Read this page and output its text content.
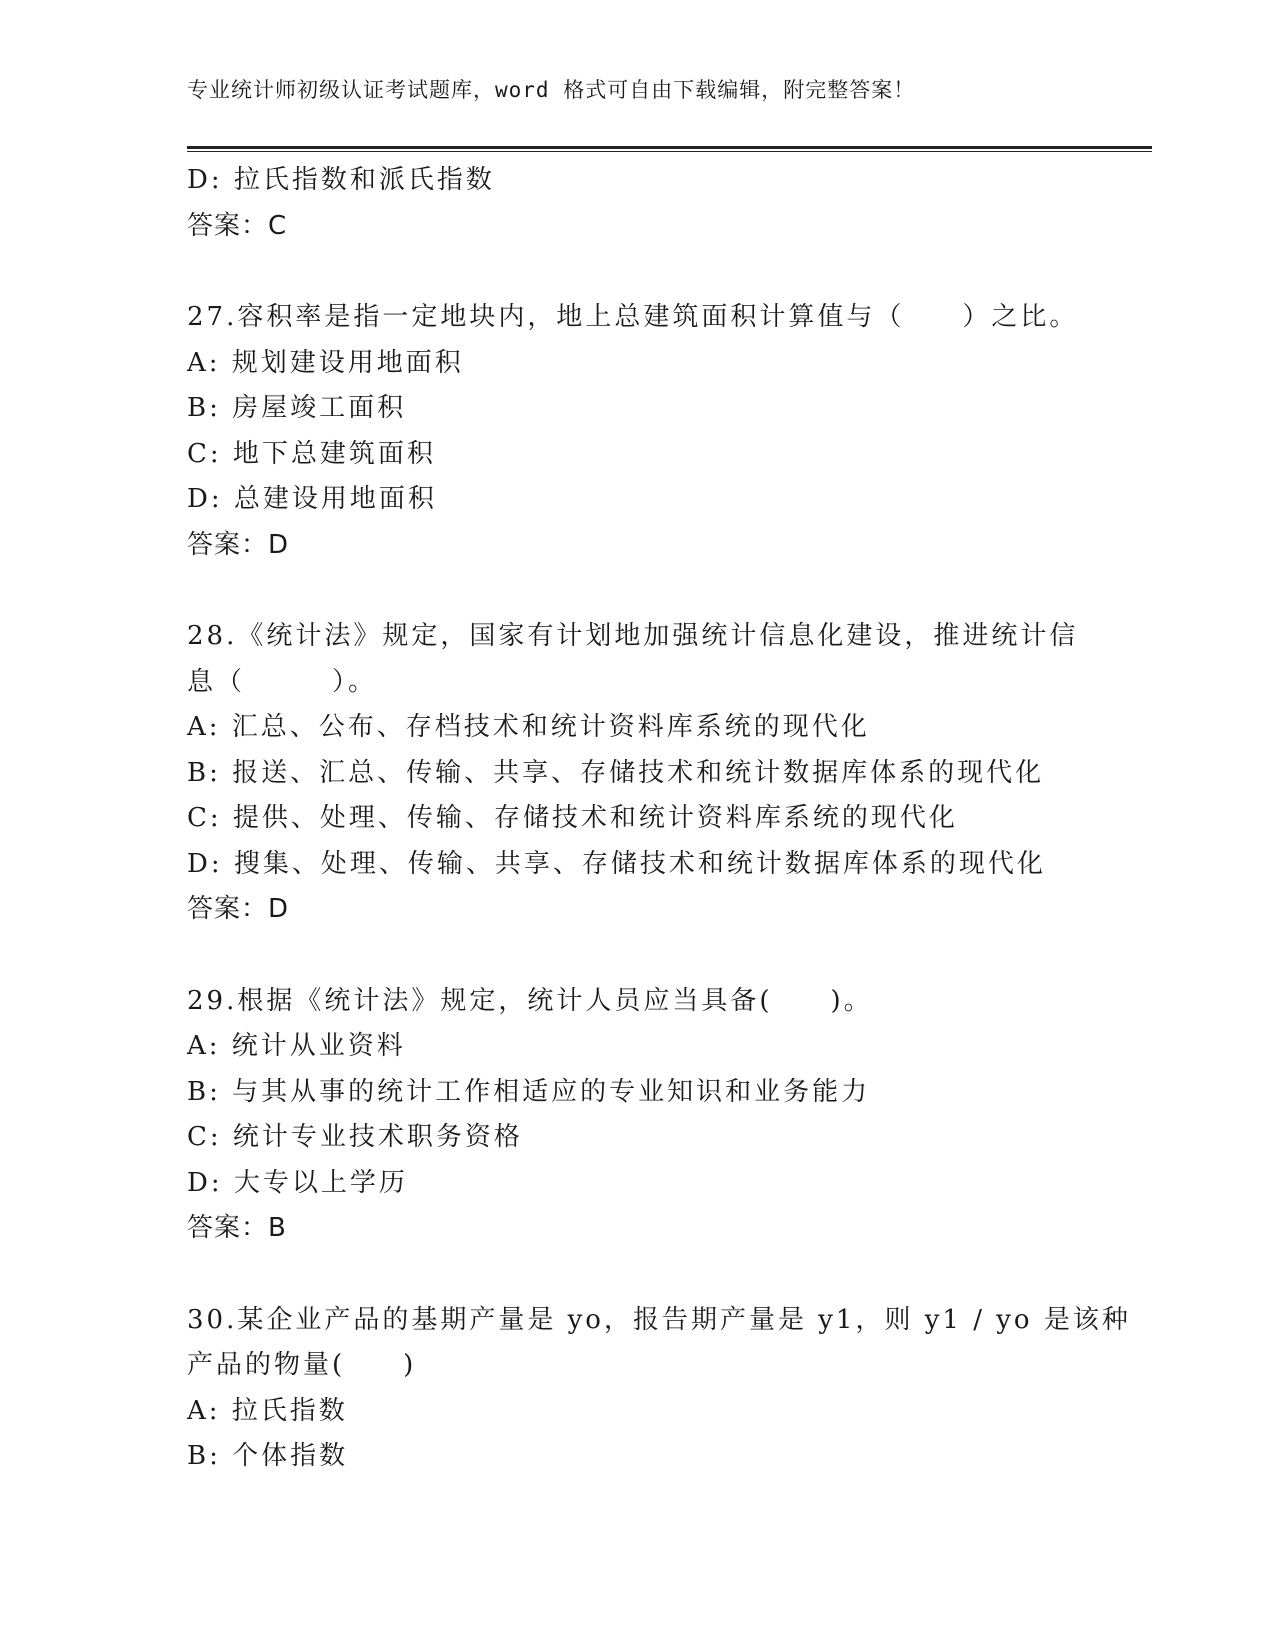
专业统计师初级认证考试题库，word 格式可自由下载编辑，附完整答案！
D: 拉氏指数和派氏指数
答案：C
27.容积率是指一定地块内，地上总建筑面积计算值与（　　）之比。
A: 规划建设用地面积
B: 房屋竣工面积
C: 地下总建筑面积
D: 总建设用地面积
答案：D
28.《统计法》规定，国家有计划地加强统计信息化建设，推进统计信
息（　　　）。
A: 汇总、公布、存档技术和统计资料库系统的现代化
B: 报送、汇总、传输、共享、存储技术和统计数据库体系的现代化
C: 提供、处理、传输、存储技术和统计资料库系统的现代化
D: 搜集、处理、传输、共享、存储技术和统计数据库体系的现代化
答案：D
29.根据《统计法》规定，统计人员应当具备(　　)。
A: 统计从业资料
B: 与其从事的统计工作相适应的专业知识和业务能力
C: 统计专业技术职务资格
D: 大专以上学历
答案：B
30.某企业产品的基期产量是 yo，报告期产量是 y1，则 y1 / yo 是该种
产品的物量(　　)
A: 拉氏指数
B: 个体指数
